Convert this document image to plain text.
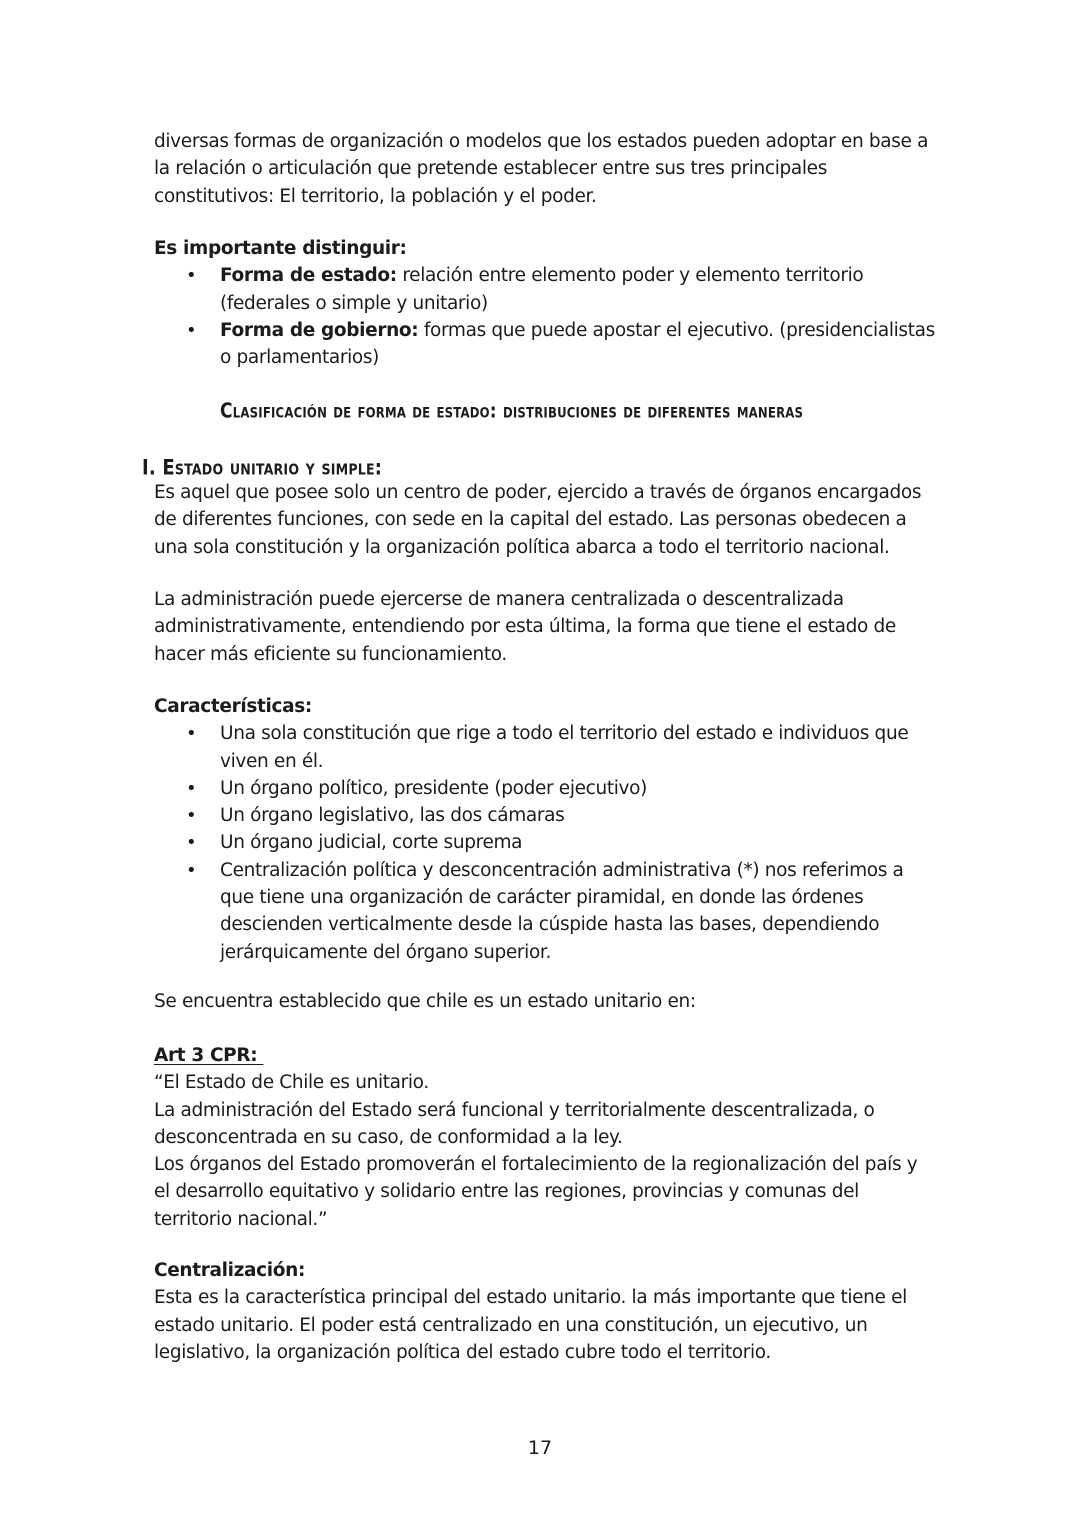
diversas formas de organización o modelos que los estados pueden adoptar en base a

la relación o articulación que pretende establecer entre sus tres principales

constitutivos: El territorio, la población y el poder.

Es importante distinguir:

• Forma de estado: relación entre elemento poder y elemento territorio
(federales o simple y unitario)
• Forma de gobierno: formas que puede apostar el ejecutivo. (presidencialistas
o parlamentarios)
Clasificación de forma de estado: distribuciones de diferentes maneras
I. Estado unitario y simple:

Es aquel que posee solo un centro de poder, ejercido a través de órganos encargados

de diferentes funciones, con sede en la capital del estado. Las personas obedecen a

una sola constitución y la organización política abarca a todo el territorio nacional.

La administración puede ejercerse de manera centralizada o descentralizada

administrativamente, entendiendo por esta última, la forma que tiene el estado de

hacer más eficiente su funcionamiento.

Características:

• Una sola constitución que rige a todo el territorio del estado e individuos que
viven en él.
• Un órgano político, presidente (poder ejecutivo)
• Un órgano legislativo, las dos cámaras
• Un órgano judicial, corte suprema
• Centralización política y desconcentración administrativa (*) nos referimos a
que tiene una organización de carácter piramidal, en donde las órdenes
descienden verticalmente desde la cúspide hasta las bases, dependiendo
jerárquicamente del órgano superior.
Se encuentra establecido que chile es un estado unitario en:

Art 3 CPR:

“El Estado de Chile es unitario.

La administración del Estado será funcional y territorialmente descentralizada, o

desconcentrada en su caso, de conformidad a la ley.

Los órganos del Estado promoverán el fortalecimiento de la regionalización del país y

el desarrollo equitativo y solidario entre las regiones, provincias y comunas del

territorio nacional.”

Centralización:

Esta es la característica principal del estado unitario. la más importante que tiene el

estado unitario. El poder está centralizado en una constitución, un ejecutivo, un

legislativo, la organización política del estado cubre todo el territorio.

17
